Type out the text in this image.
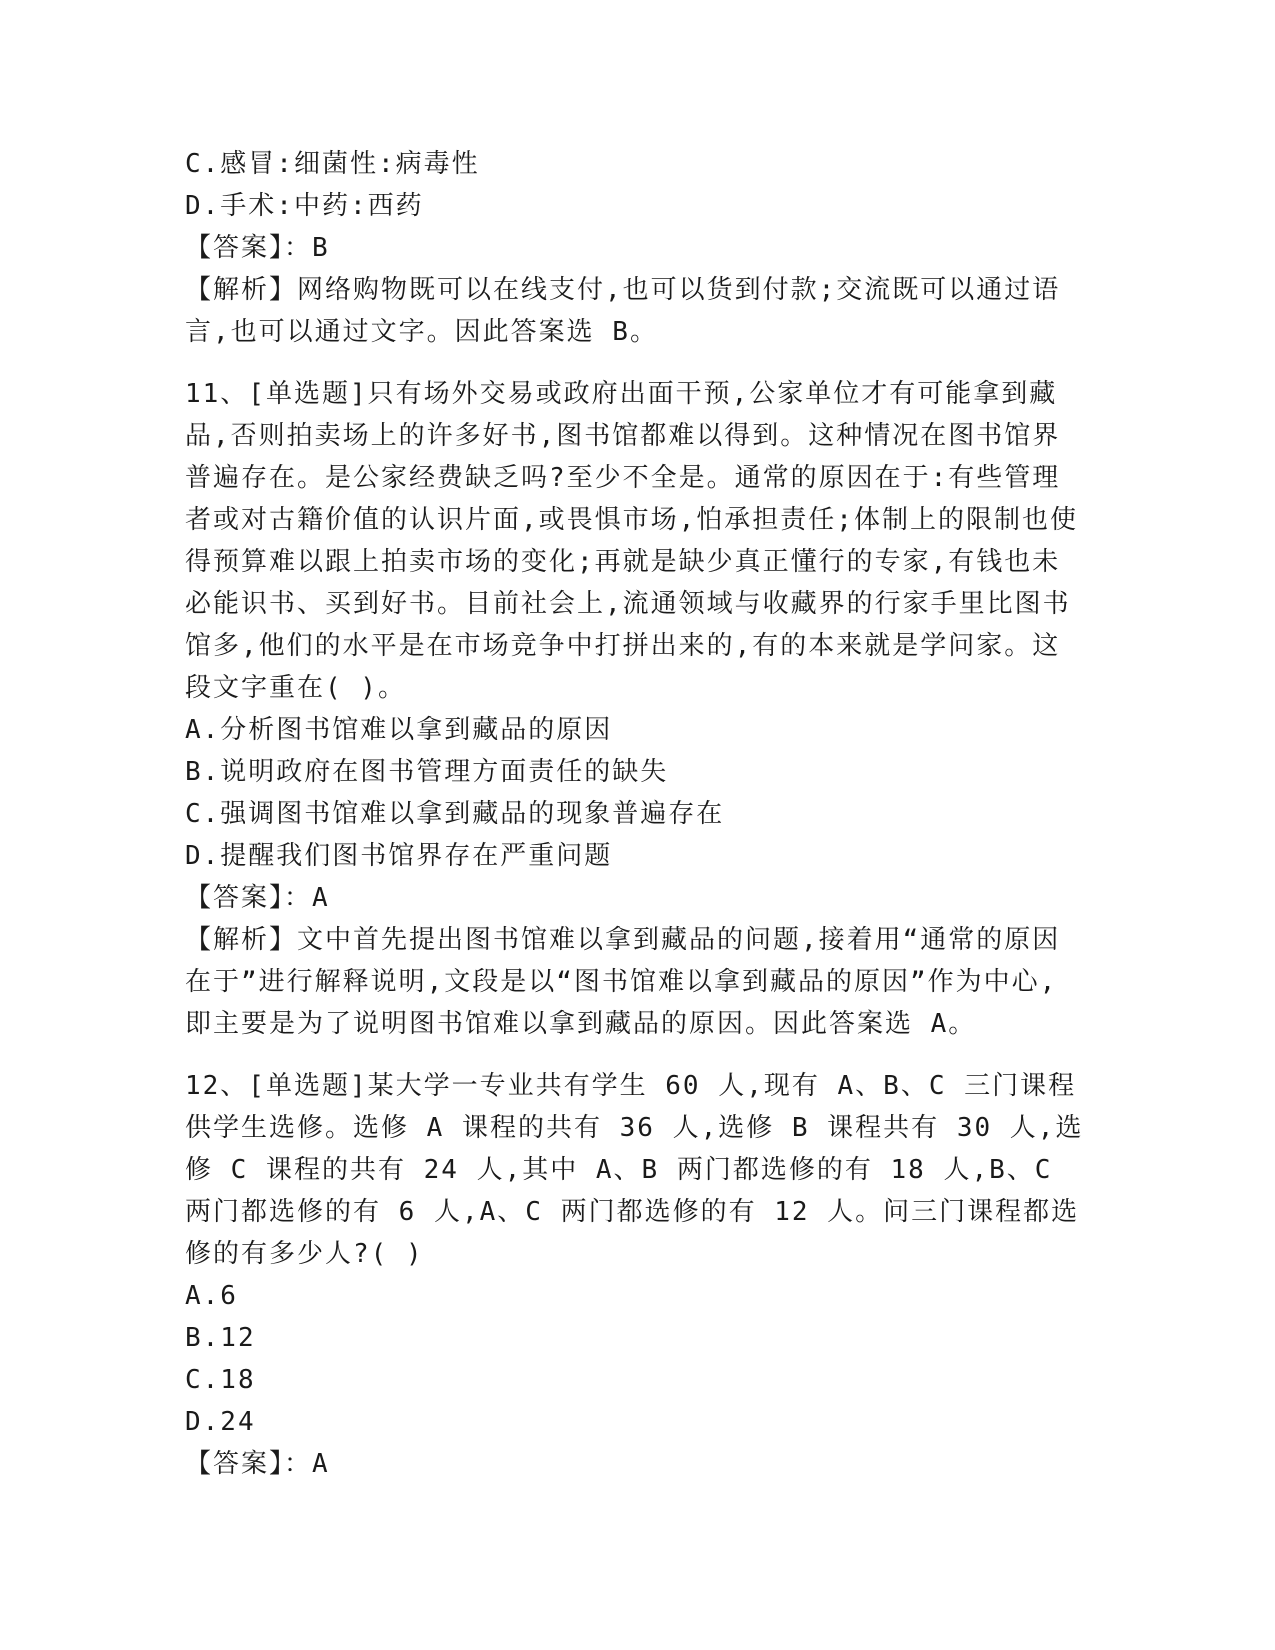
C.感冒:细菌性:病毒性
D.手术:中药:西药
【答案】：B
【解析】网络购物既可以在线支付,也可以货到付款;交流既可以通过语言,也可以通过文字。因此答案选 B。
11、[单选题]只有场外交易或政府出面干预,公家单位才有可能拿到藏品,否则拍卖场上的许多好书,图书馆都难以得到。这种情况在图书馆界普遍存在。是公家经费缺乏吗?至少不全是。通常的原因在于:有些管理者或对古籍价值的认识片面,或畏惧市场,怕承担责任;体制上的限制也使得预算难以跟上拍卖市场的变化;再就是缺少真正懂行的专家,有钱也未必能识书、买到好书。目前社会上,流通领域与收藏界的行家手里比图书馆多,他们的水平是在市场竞争中打拼出来的,有的本来就是学问家。这段文字重在( )。
A.分析图书馆难以拿到藏品的原因
B.说明政府在图书管理方面责任的缺失
C.强调图书馆难以拿到藏品的现象普遍存在
D.提醒我们图书馆界存在严重问题
【答案】：A
【解析】文中首先提出图书馆难以拿到藏品的问题,接着用“通常的原因在于”进行解释说明,文段是以“图书馆难以拿到藏品的原因”作为中心,即主要是为了说明图书馆难以拿到藏品的原因。因此答案选 A。
12、[单选题]某大学一专业共有学生 60 人,现有 A、B、C 三门课程供学生选修。选修 A 课程的共有 36 人,选修 B 课程共有 30 人,选修 C 课程的共有 24 人,其中 A、B 两门都选修的有 18 人,B、C 两门都选修的有 6 人,A、C 两门都选修的有 12 人。问三门课程都选修的有多少人?( )
A.6
B.12
C.18
D.24
【答案】：A
